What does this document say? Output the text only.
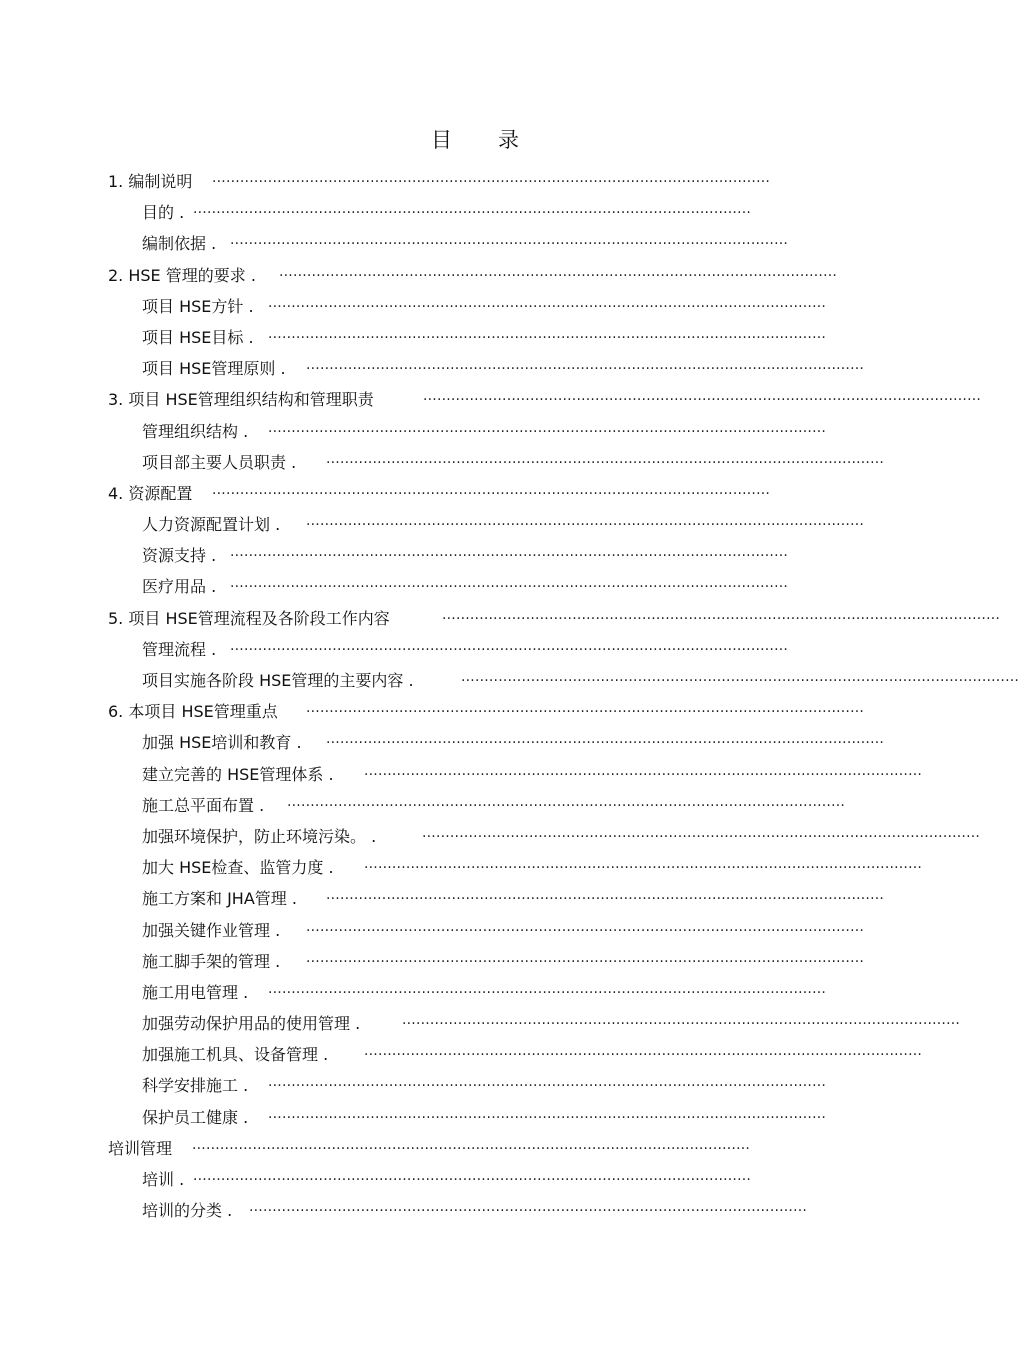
目 录
1. 编制说明 ........................................................................................................................
目的 . ........................................................................................................................
编制依据 . ........................................................................................................................
2. HSE 管理的要求 . ........................................................................................................................
项目 HSE方针 . ........................................................................................................................
项目 HSE目标 . ........................................................................................................................
项目 HSE管理原则 . ........................................................................................................................
3. 项目 HSE管理组织结构和管理职责	........................................................................................................................
管理组织结构 . ........................................................................................................................
项目部主要人员职责 . ........................................................................................................................
4. 资源配置 ........................................................................................................................
人力资源配置计划 . ........................................................................................................................
资源支持 . ........................................................................................................................
医疗用品 . ........................................................................................................................
5. 项目 HSE管理流程及各阶段工作内容	........................................................................................................................
管理流程 . ........................................................................................................................
项目实施各阶段 HSE管理的主要内容 .	........................................................................................................................
6. 本项目 HSE管理重点 ........................................................................................................................
加强 HSE培训和教育 . ........................................................................................................................
建立完善的 HSE管理体系 . ........................................................................................................................
施工总平面布置 . ........................................................................................................................
加强环境保护，防止环境污染。 .	........................................................................................................................
加大 HSE检查、监管力度 . ........................................................................................................................
施工方案和 JHA管理 . ........................................................................................................................
加强关键作业管理 . ........................................................................................................................
施工脚手架的管理 . ........................................................................................................................
施工用电管理 . ........................................................................................................................
加强劳动保护用品的使用管理 .	........................................................................................................................
加强施工机具、设备管理 .	........................................................................................................................
科学安排施工 . ........................................................................................................................
保护员工健康 . ........................................................................................................................
培训管理 ........................................................................................................................
培训 . ........................................................................................................................
培训的分类 . ........................................................................................................................
